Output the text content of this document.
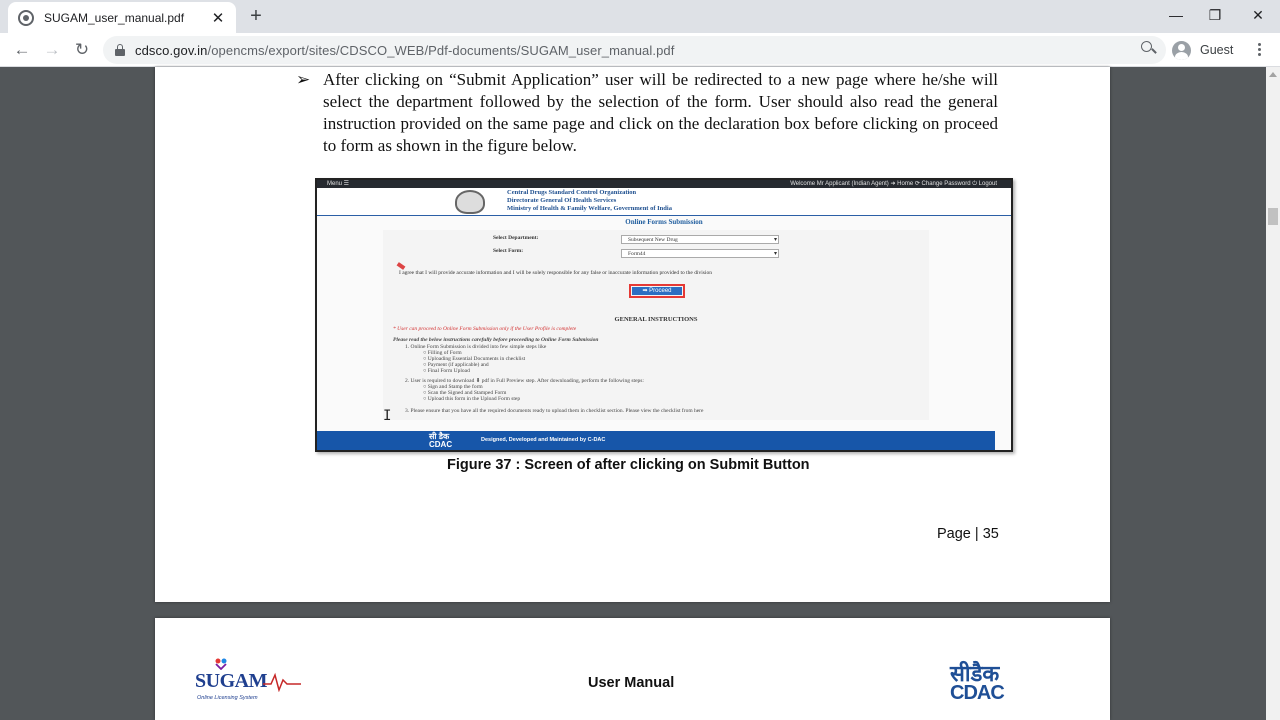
SUGAM_user_manual.pdf	✕ +	—	❐	✕
← → ↻	cdsco.gov.in/opencms/export/sites/CDSCO_WEB/Pdf-documents/SUGAM_user_manual.pdf	Guest
➢ After clicking on “Submit Application” user will be redirected to a new page where he/she will select the department followed by the selection of the form. User should also read the general instruction provided on the same page and click on the declaration box before clicking on proceed to form as shown in the figure below.

Menu ☰	Welcome Mr Applicant (Indian Agent) ➜ Home ⟳ Change Password ⏻ Logout
Central Drugs Standard Control Organization
Directorate General Of Health Services
Ministry of Health & Family Welfare, Government of India
Online Forms Submission
Select Department:	Subsequent New Drug ▾
Select Form:	Form44 ▾
I agree that I will provide accurate information and I will be solely responsible for any false or inaccurate information provided to the division
➡ Proceed
GENERAL INSTRUCTIONS
* User can proceed to Online Form Submission only if the User Profile is complete
Please read the below instructions carefully before proceeding to Online Form Submission
1. Online Form Submission is divided into few simple steps like
○ Filling of Form
○ Uploading Essential Documents in checklist
○ Payment (if applicable) and
○ Final Form Upload
2. User is required to download ⬇ pdf in Full Preview step. After downloading, perform the following steps:
○ Sign and Stamp the form
○ Scan the Signed and Stamped Form
○ Upload this form in the Upload Form step
3. Please ensure that you have all the required documents ready to upload them in checklist section. Please view the checklist from here
सी डैक
CDAC	Designed, Developed and Maintained by C-DAC
Figure 37 : Screen of after clicking on Submit Button
Page | 35
I
SUGAM
Online Licensing System
User Manual	सीडैक
CDAC
